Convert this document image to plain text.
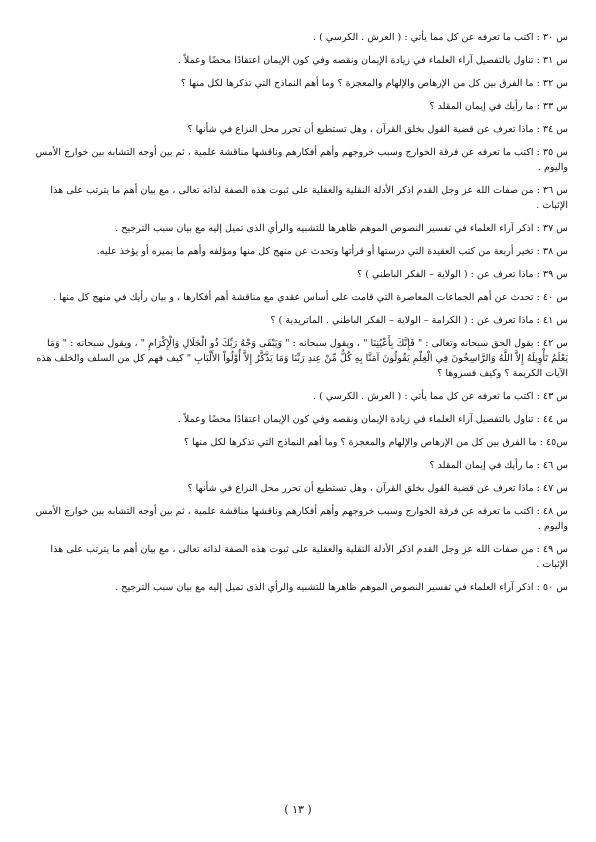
س ٣٠ : اكتب ما تعرفه عن كل مما يأتي : ( العرش . الكرسي ) .

س ٣١ : تناول بالتفصيل آراء العلماء في زيادة الإيمان ونقصه وفي كون الإيمان اعتقادًا محضًا وعملاً .

س ٣٢ : ما الفرق بين كل من الإرهاص والإلهام والمعجزة ؟ وما أهم النماذج التي تذكرها لكل منها ؟

س ٣٣ : ما رأيك في إيمان المقلد ؟

س ٣٤ : ماذا تعرف عن قضية القول بخلق القرآن ، وهل تستطيع أن تحرر محل النزاع في شأنها ؟

س ٣٥ : اكتب ما تعرفه عن فرقة الخوارج وسبب خروجهم وأهم أفكارهم وناقشها مناقشة علمية ، ثم بين أوجه التشابه بين خوارج الأمس واليوم .

س ٣٦ : من صفات الله عز وجل القدم اذكر الأدلة النقلية والعقلية على ثبوت هذه الصفة لذاته تعالى ، مع بيان أهم ما يترتب على هذا الإثبات .

س ٣٧ : اذكر آراء العلماء في تفسير النصوص الموهم ظاهرها للتشبيه والرأي الذى تميل إليه مع بيان سبب الترجيح .

س ٣٨ : تخير أربعة من كتب العقيدة التي درستها أو قرأتها وتحدث عن منهج كل منها ومؤلفه وأهم ما يميزه أو يؤخذ عليه.

س ٣٩ : ماذا تعرف عن : ( الولاية – الفكر الباطني ) ؟

س ٤٠ : تحدث عن أهم الجماعات المعاصرة التي قامت على أساس عقدي مع مناقشة أهم أفكارها ، و بيان رأيك في منهج كل منها .

س ٤١ : ماذا تعرف عن : ( الكرامة – الولاية – الفكر الباطني . الماتريدية ) ؟

س ٤٢ : يقول الحق سبحانه وتعالى : " فَإِنَّكَ بِأَعْيُنِنَا " ، ويقول سبحانه : " وَيَبْقَى وَجْهُ رَبِّكَ ذُو الْجَلَالِ وَالْإِكْرَامِ " ، ويقول سبحانه : " وَمَا يَعْلَمُ تَأْوِيلَهُ إِلاَّ اللَّهُ وَالرَّاسِخُونَ فِي الْعِلْمِ يَقُولُونَ آمَنَّا بِهِ كُلٌّ مِّنْ عِندِ رَبِّنَا وَمَا يَذَّكَّرُ إِلاَّ أُوْلُواْ الأَلْبَابِ " كيف فهم كل من السلف والخلف هذه الآيات الكريمة ؟ وكيف فسروها ؟

س ٤٣ : اكتب ما تعرفه عن كل مما يأتي : ( العرش . الكرسي ) .

س ٤٤ : تناول بالتفصيل آراء العلماء في زيادة الإيمان ونقصه وفي كون الإيمان اعتقادًا محضًا وعملاً .

س٤٥ : ما الفرق بين كل من الإرهاص والإلهام والمعجزة ؟ وما أهم النماذج التي تذكرها لكل منها ؟

س ٤٦ : ما رأيك في إيمان المقلد ؟

س ٤٧ : ماذا تعرف عن قضية القول بخلق القرآن ، وهل تستطيع أن تحرر محل النزاع في شأنها ؟

س ٤٨ : اكتب ما تعرفه عن فرقة الخوارج وسبب خروجهم وأهم أفكارهم وناقشها مناقشة علمية ، ثم بين أوجه التشابه بين خوارج الأمس واليوم .

س ٤٩ : من صفات الله عز وجل القدم اذكر الأدلة النقلية والعقلية على ثبوت هذه الصفة لذاته تعالى ، مع بيان أهم ما يترتب على هذا الإثبات .

س ٥٠ : اذكر آراء العلماء في تفسير النصوص الموهم ظاهرها للتشبيه والرأي الذى تميل إليه مع بيان سبب الترجيح .

( ١٣ )
